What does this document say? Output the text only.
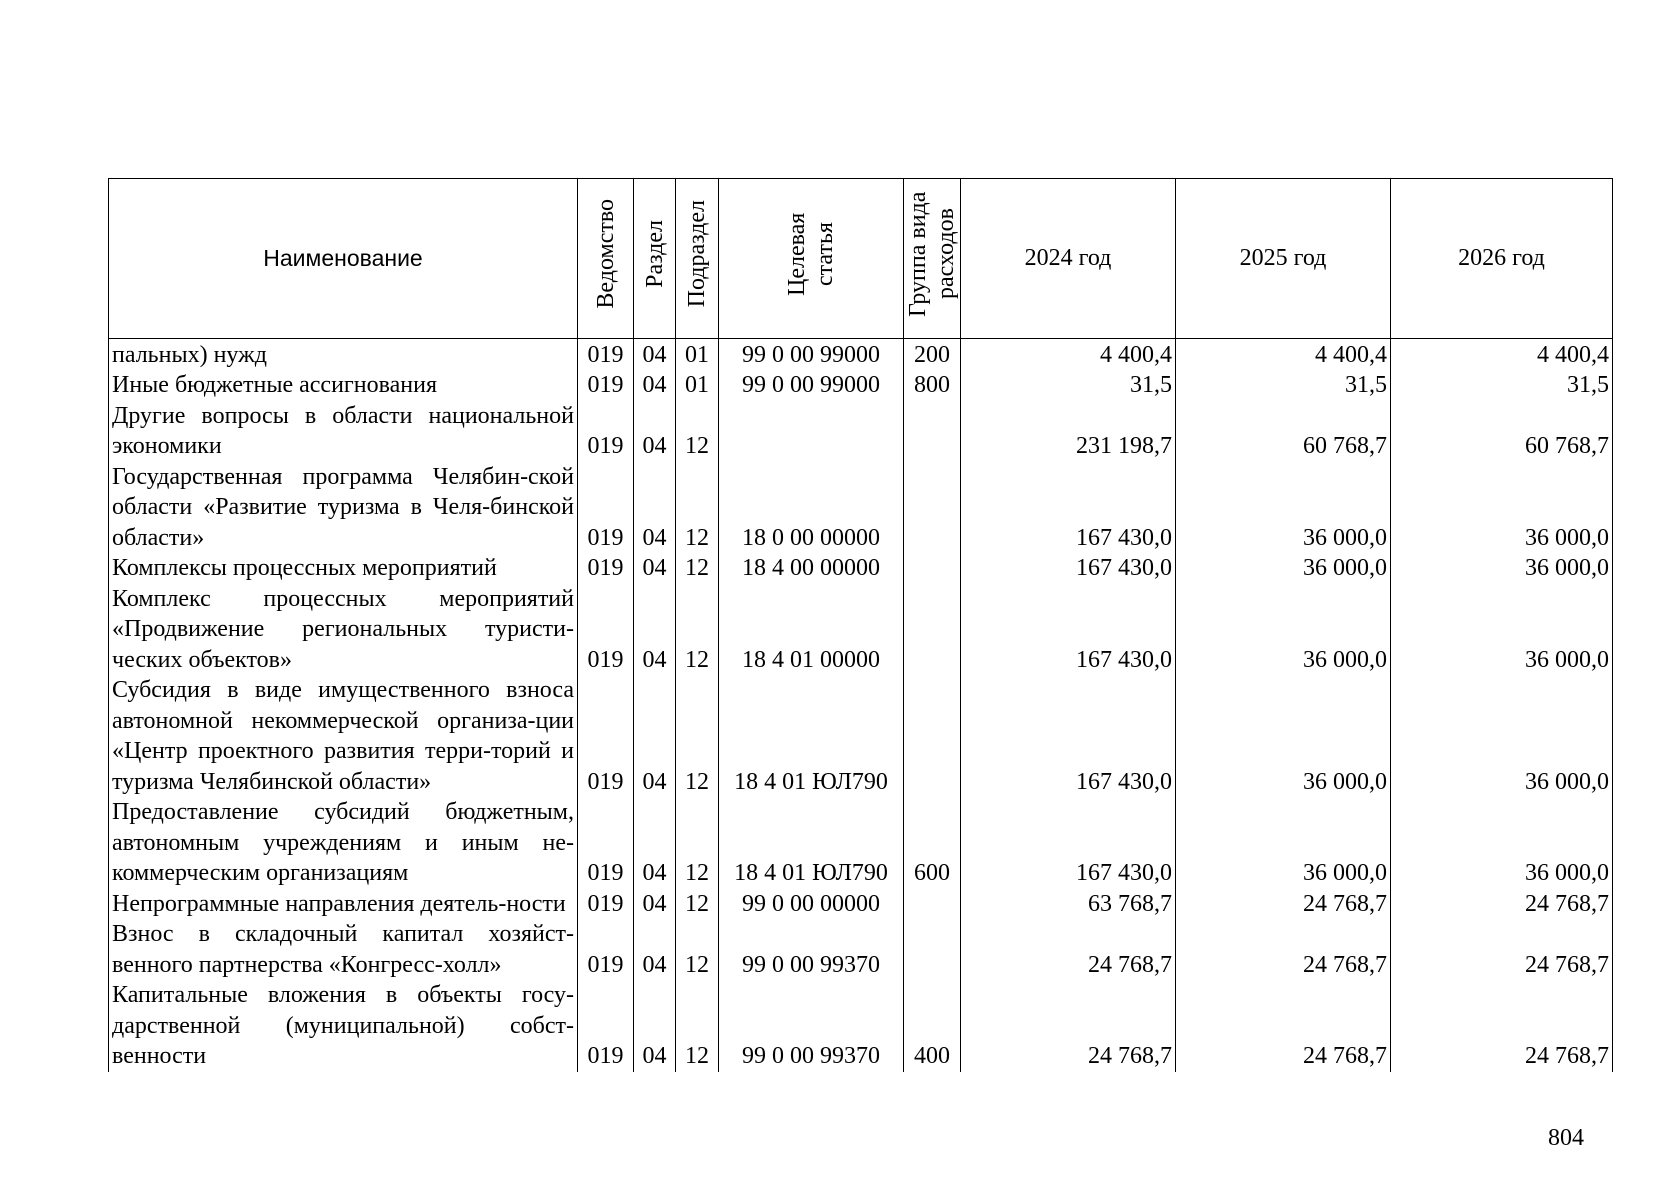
Наименование	Ведомство	Раздел	Подраздел	Целевая статья	Группа вида расходов	2024 год	2025 год	2026 год
пальных) нужд	019	04	01	99 0 00 99000	200	4 400,4	4 400,4	4 400,4
Иные бюджетные ассигнования	019	04	01	99 0 00 99000	800	31,5	31,5	31,5
Другие вопросы в области национальной экономики	019	04	12			231 198,7	60 768,7	60 768,7
Государственная программа Челябин-ской области «Развитие туризма в Челя-бинской области»	019	04	12	18 0 00 00000		167 430,0	36 000,0	36 000,0
Комплексы процессных мероприятий	019	04	12	18 4 00 00000		167 430,0	36 000,0	36 000,0
Комплекс процессных мероприятий «Продвижение региональных туристи-ческих объектов»	019	04	12	18 4 01 00000		167 430,0	36 000,0	36 000,0
Субсидия в виде имущественного взноса автономной некоммерческой организа-ции «Центр проектного развития терри-торий и туризма Челябинской области»	019	04	12	18 4 01 ЮЛ790		167 430,0	36 000,0	36 000,0
Предоставление субсидий бюджетным, автономным учреждениям и иным не-коммерческим организациям	019	04	12	18 4 01 ЮЛ790	600	167 430,0	36 000,0	36 000,0
Непрограммные направления деятель-ности	019	04	12	99 0 00 00000		63 768,7	24 768,7	24 768,7
Взнос в складочный капитал хозяйст-венного партнерства «Конгресс-холл»	019	04	12	99 0 00 99370		24 768,7	24 768,7	24 768,7
Капитальные вложения в объекты госу-дарственной (муниципальной) собст-венности	019	04	12	99 0 00 99370	400	24 768,7	24 768,7	24 768,7
804
